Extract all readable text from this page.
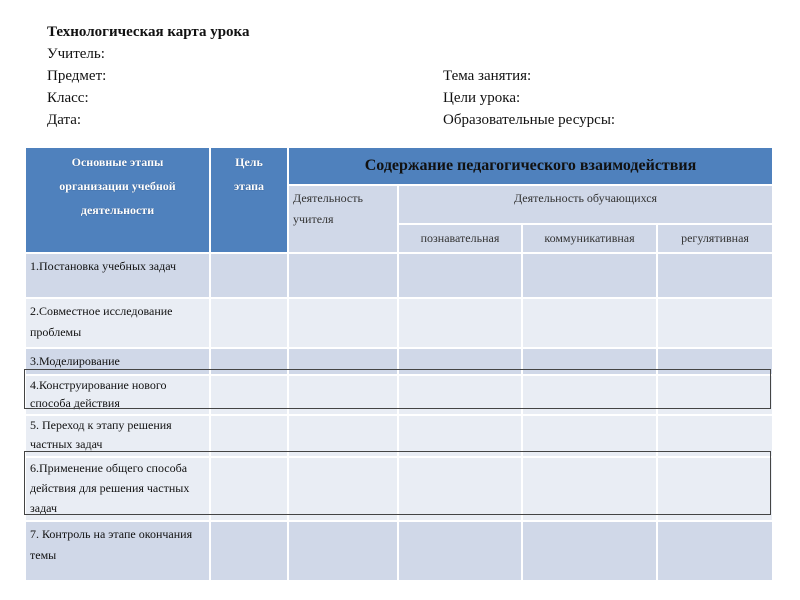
Технологическая карта урока
Учитель:
Предмет:
Класс:
Дата:
Тема занятия:
Цели урока:
Образовательные ресурсы:
Основные этапы организации учебной деятельности	Цель этапа	Содержание педагогического взаимодействия			
		Деятельность учителя	Деятельность обучающихся		
			познавательная	коммуникативная	регулятивная
1.Постановка учебных задач					
2.Совместное исследование проблемы					
3.Моделирование					
4.Конструирование нового способа действия					
5. Переход к этапу решения частных задач					
6.Применение общего способа действия для решения частных задач					
7. Контроль на этапе окончания темы					
